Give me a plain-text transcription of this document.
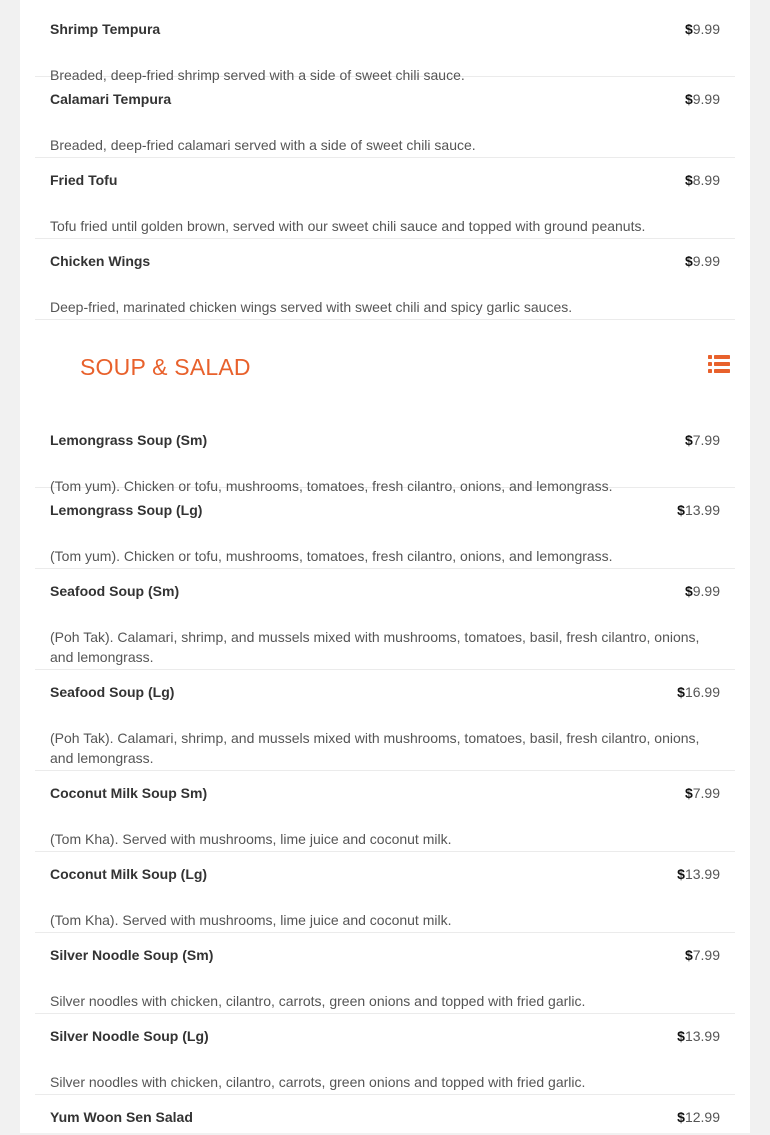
Shrimp Tempura	$9.99
Breaded, deep-fried shrimp served with a side of sweet chili sauce.
Calamari Tempura	$9.99
Breaded, deep-fried calamari served with a side of sweet chili sauce.
Fried Tofu	$8.99
Tofu fried until golden brown, served with our sweet chili sauce and topped with ground peanuts.
Chicken Wings	$9.99
Deep-fried, marinated chicken wings served with sweet chili and spicy garlic sauces.
SOUP & SALAD
Lemongrass Soup (Sm)	$7.99
(Tom yum). Chicken or tofu, mushrooms, tomatoes, fresh cilantro, onions, and lemongrass.
Lemongrass Soup (Lg)	$13.99
(Tom yum). Chicken or tofu, mushrooms, tomatoes, fresh cilantro, onions, and lemongrass.
Seafood Soup (Sm)	$9.99
(Poh Tak). Calamari, shrimp, and mussels mixed with mushrooms, tomatoes, basil, fresh cilantro, onions, and lemongrass.
Seafood Soup (Lg)	$16.99
(Poh Tak). Calamari, shrimp, and mussels mixed with mushrooms, tomatoes, basil, fresh cilantro, onions, and lemongrass.
Coconut Milk Soup Sm)	$7.99
(Tom Kha). Served with mushrooms, lime juice and coconut milk.
Coconut Milk Soup (Lg)	$13.99
(Tom Kha). Served with mushrooms, lime juice and coconut milk.
Silver Noodle Soup (Sm)	$7.99
Silver noodles with chicken, cilantro, carrots, green onions and topped with fried garlic.
Silver Noodle Soup (Lg)	$13.99
Silver noodles with chicken, cilantro, carrots, green onions and topped with fried garlic.
Yum Woon Sen Salad	$12.99
